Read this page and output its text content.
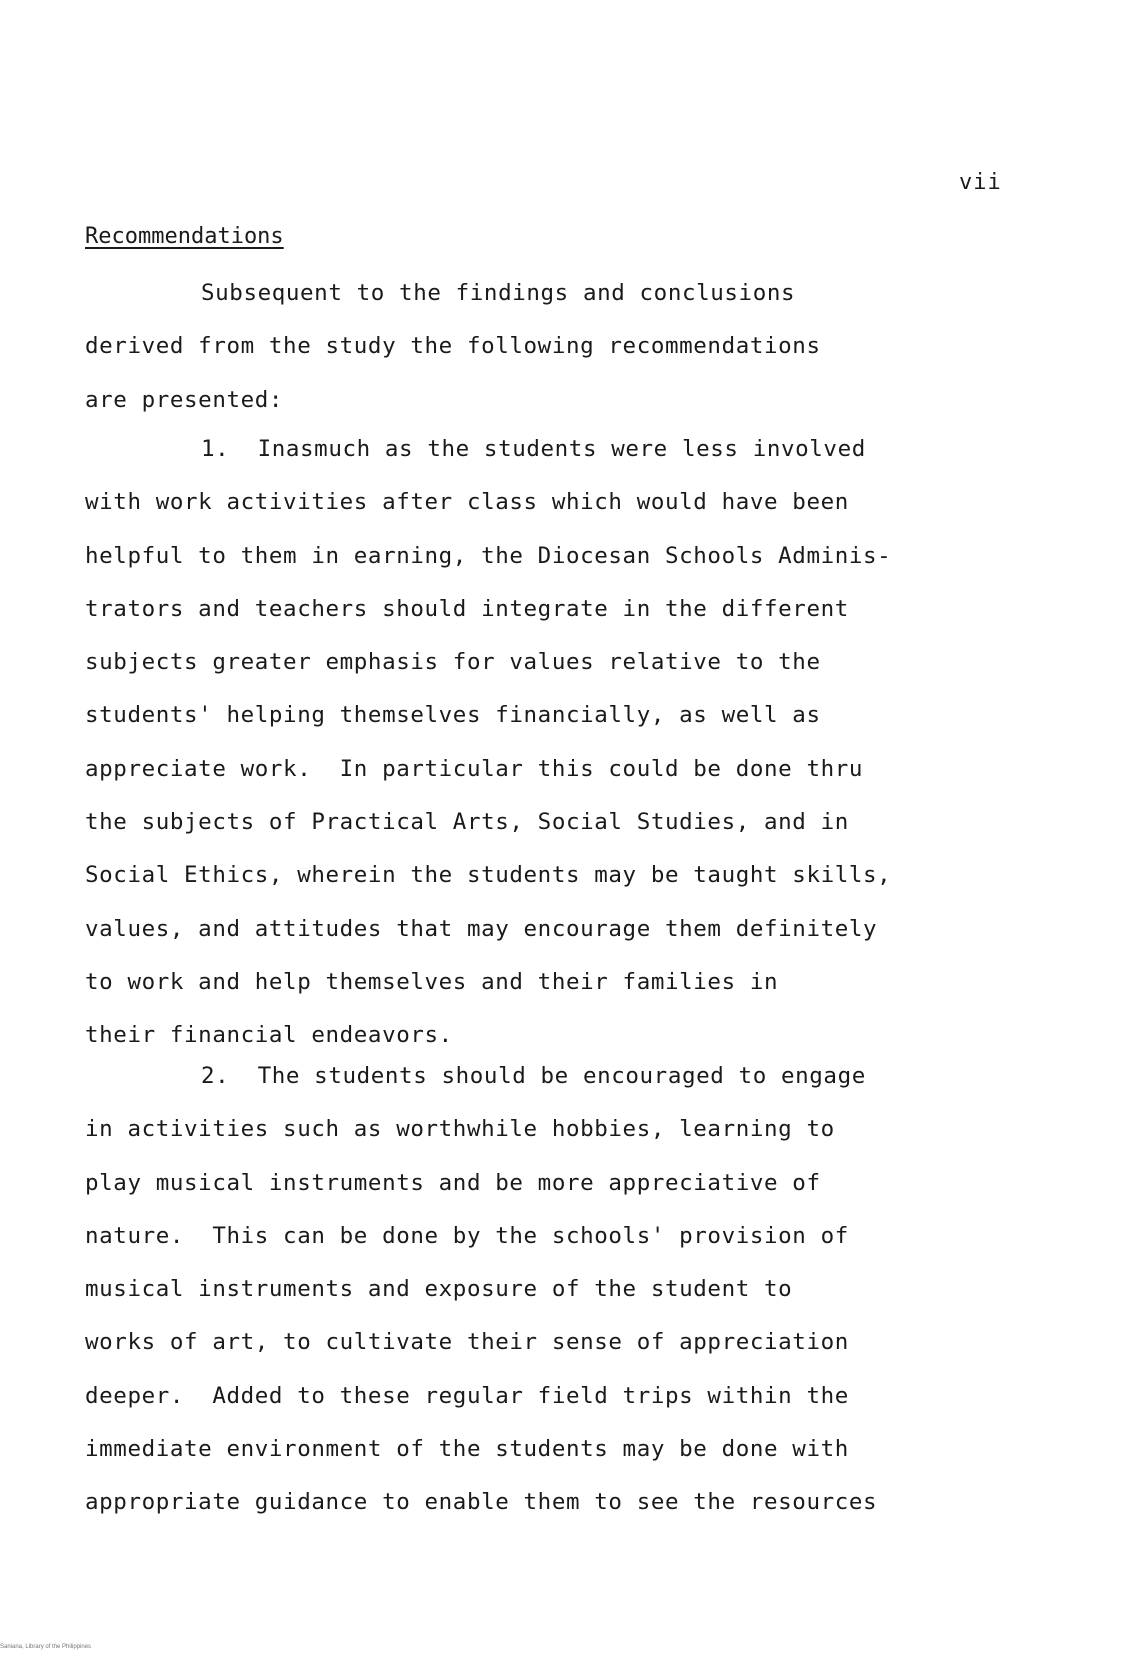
vii
Recommendations
Subsequent to the findings and conclusions
derived from the study the following recommendations
are presented:
1.  Inasmuch as the students were less involved
with work activities after class which would have been
helpful to them in earning, the Diocesan Schools Adminis-
trators and teachers should integrate in the different
subjects greater emphasis for values relative to the
students' helping themselves financially, as well as
appreciate work.  In particular this could be done thru
the subjects of Practical Arts, Social Studies, and in
Social Ethics, wherein the students may be taught skills,
values, and attitudes that may encourage them definitely
to work and help themselves and their families in
their financial endeavors.
2.  The students should be encouraged to engage
in activities such as worthwhile hobbies, learning to
play musical instruments and be more appreciative of
nature.  This can be done by the schools' provision of
musical instruments and exposure of the student to
works of art, to cultivate their sense of appreciation
deeper.  Added to these regular field trips within the
immediate environment of the students may be done with
appropriate guidance to enable them to see the resources
Saniana, Library of the Philippines
